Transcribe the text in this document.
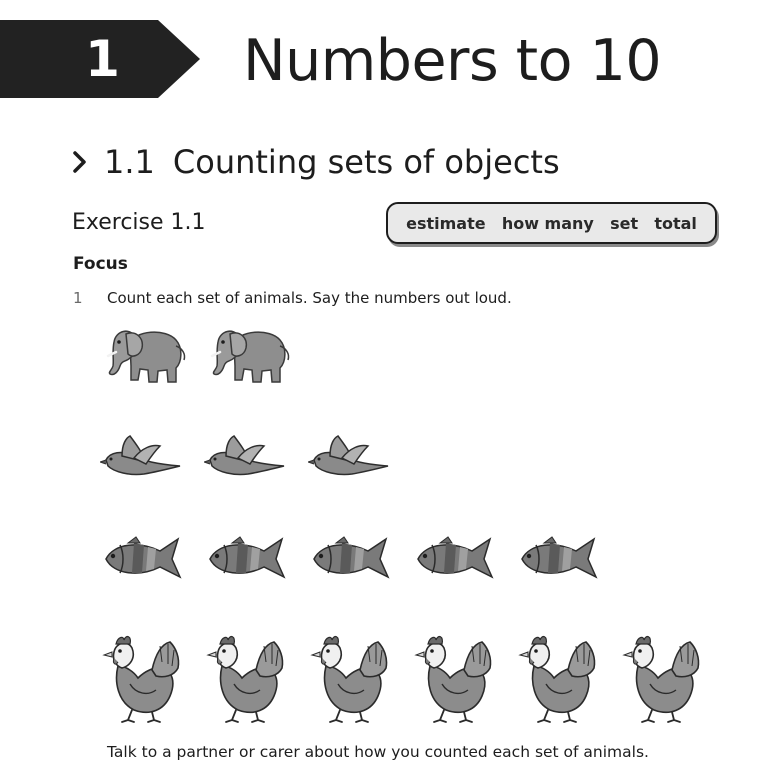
1	Numbers to 10
1.1 Counting sets of objects
Exercise 1.1	estimate how many set total
Focus
1 Count each set of animals. Say the numbers out loud.
Talk to a partner or carer about how you counted each set of animals.
